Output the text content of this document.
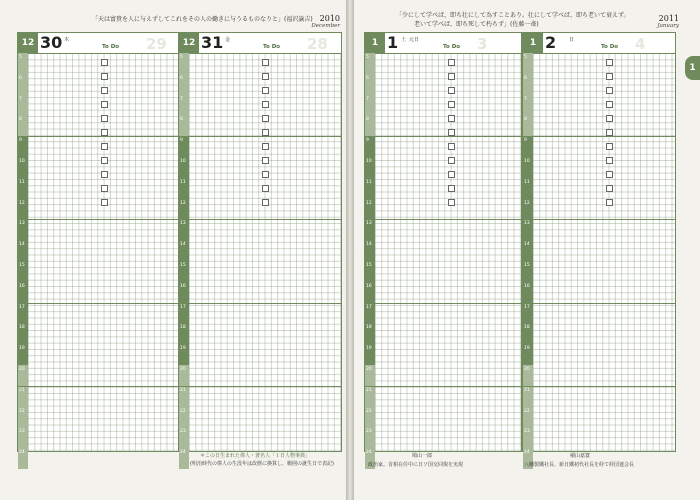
「天は富貴を人に与えずしてこれをその人の働きに与うるものなりと」(福沢諭吉) 2010
December
12 30 木
To Do 29
5
6
7
8
9
10
11
12
13
14
15
16
17
18
19
20
21
22
23
24
12 31 金
To Do 28
5
6
7
8
9
10
11
12
13
14
15
16
17
18
19
20
21
22
23
24
＊この日生まれた偉人・著名人「１日人物事典」
(明治時代の偉人の生没年は改暦に換算し、範囲の誕生日で表記)
「少にして学べば、即ち壮にして為すことあり。壮にして学べば、即ち老いて衰えず。
老いて学べば、即ち死して朽ちず」(佐藤一斎)
2011
January
1 1 土 元日
To Do 3
5
6
7
8
9
10
11
12
13
14
15
16
17
18
19
20
21
22
23
24
1 2	日
To Do 4
5
6
7
8
9
10
11
12
13
14
15
16
17
18
19
20
21
22
23
24
鳩山一郎
政治家。首相在任中に日ソ国交回復を実現
稲山嘉寛
八幡製鐵社長、新日鐵初代社長を経て経団連会長
1
